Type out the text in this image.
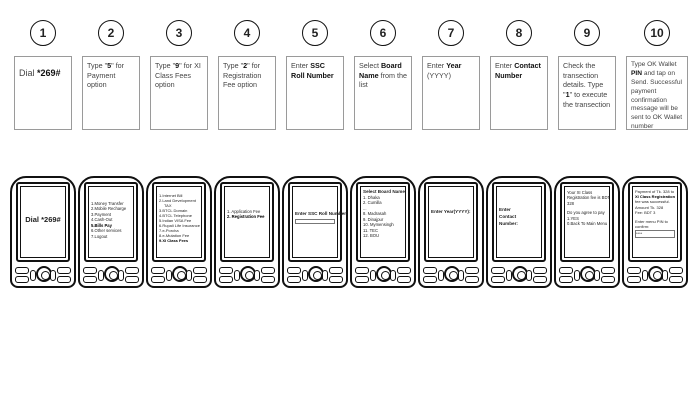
1
Dial *269#
2
Type "5" for Payment option
3
Type "9" for XI Class Fees option
4
Type "2" for Registration Fee option
5
Enter SSC Roll Number
6
Select Board Name from the list
7
Enter Year (YYYY)
8
Enter Contact Number
9
Check the transection details. Type "1" to execute the transection
10
Type OK Wallet PIN and tap on Send. Successful payment confirmation message will be sent to OK Wallet number
Dial *269#
1.Money Transfer
2.Mobile Recharge
3.Payment
4.Cash-Out
5.Bills Pay
6.Other services
7.Logout
1.Internet Bill
2.Land Development
TAX
3.BTCL Domain
4.BTCL Telephone
5.Indian VISA Fee
6.Rupali Life Insurance
7.e-Porcha
8.e-Mutation Fee
9.XI Class Fees
1. Application Fee
2. Registration Fee
Enter SSC Roll Number:
Select Board Name
1. Dhaka
2. Cumilla
...
8. Madrasah
9. Dinajpur
10. Mymensingh
11. TEC
12. BOU
Enter Year(YYYY):	Enter Contact Number:
Your XI Class
Registration fee is BDT
328
Do you agree to pay
1.YES
0.Back To Main Menu
Payment of Tk. 328 to
XI Class Registration
fee was successful.
Amount Tk. 328
Fee: BDT 3
Enter menu PIN to
confirm:
****
